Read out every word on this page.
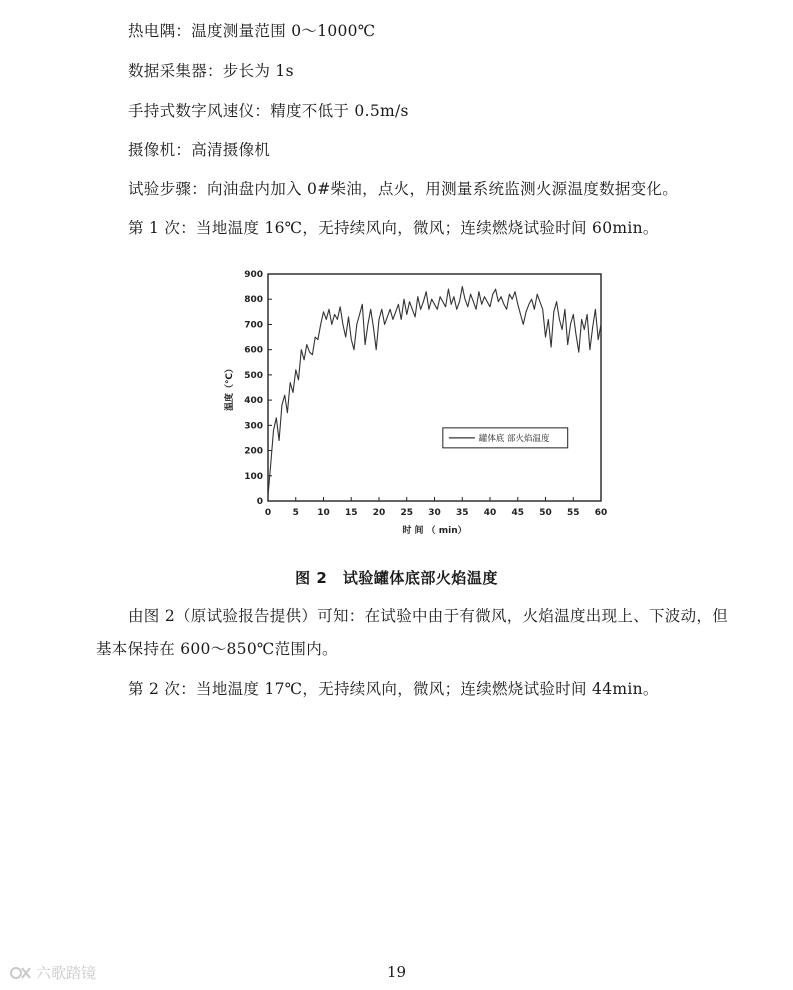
热电隅：温度测量范围 0～1000℃
数据采集器：步长为 1s
手持式数字风速仪：精度不低于 0.5m/s
摄像机：高清摄像机
试验步骤：向油盘内加入 0#柴油，点火，用测量系统监测火源温度数据变化。
第 1 次：当地温度 16℃，无持续风向，微风；连续燃烧试验时间 60min。
时 间 （ min）
温度（℃）
0 5 10 15 20 25 30 35 40 45 50 55 60
0
100
200
300
400
500
600
700
800
900
罐体底 部火焰温度
图 2　试验罐体底部火焰温度
由图 2（原试验报告提供）可知：在试验中由于有微风，火焰温度出现上、下波动，但基本保持在 600～850℃范围内。
第 2 次：当地温度 17℃，无持续风向，微风；连续燃烧试验时间 44min。
六歌踏镜	19
